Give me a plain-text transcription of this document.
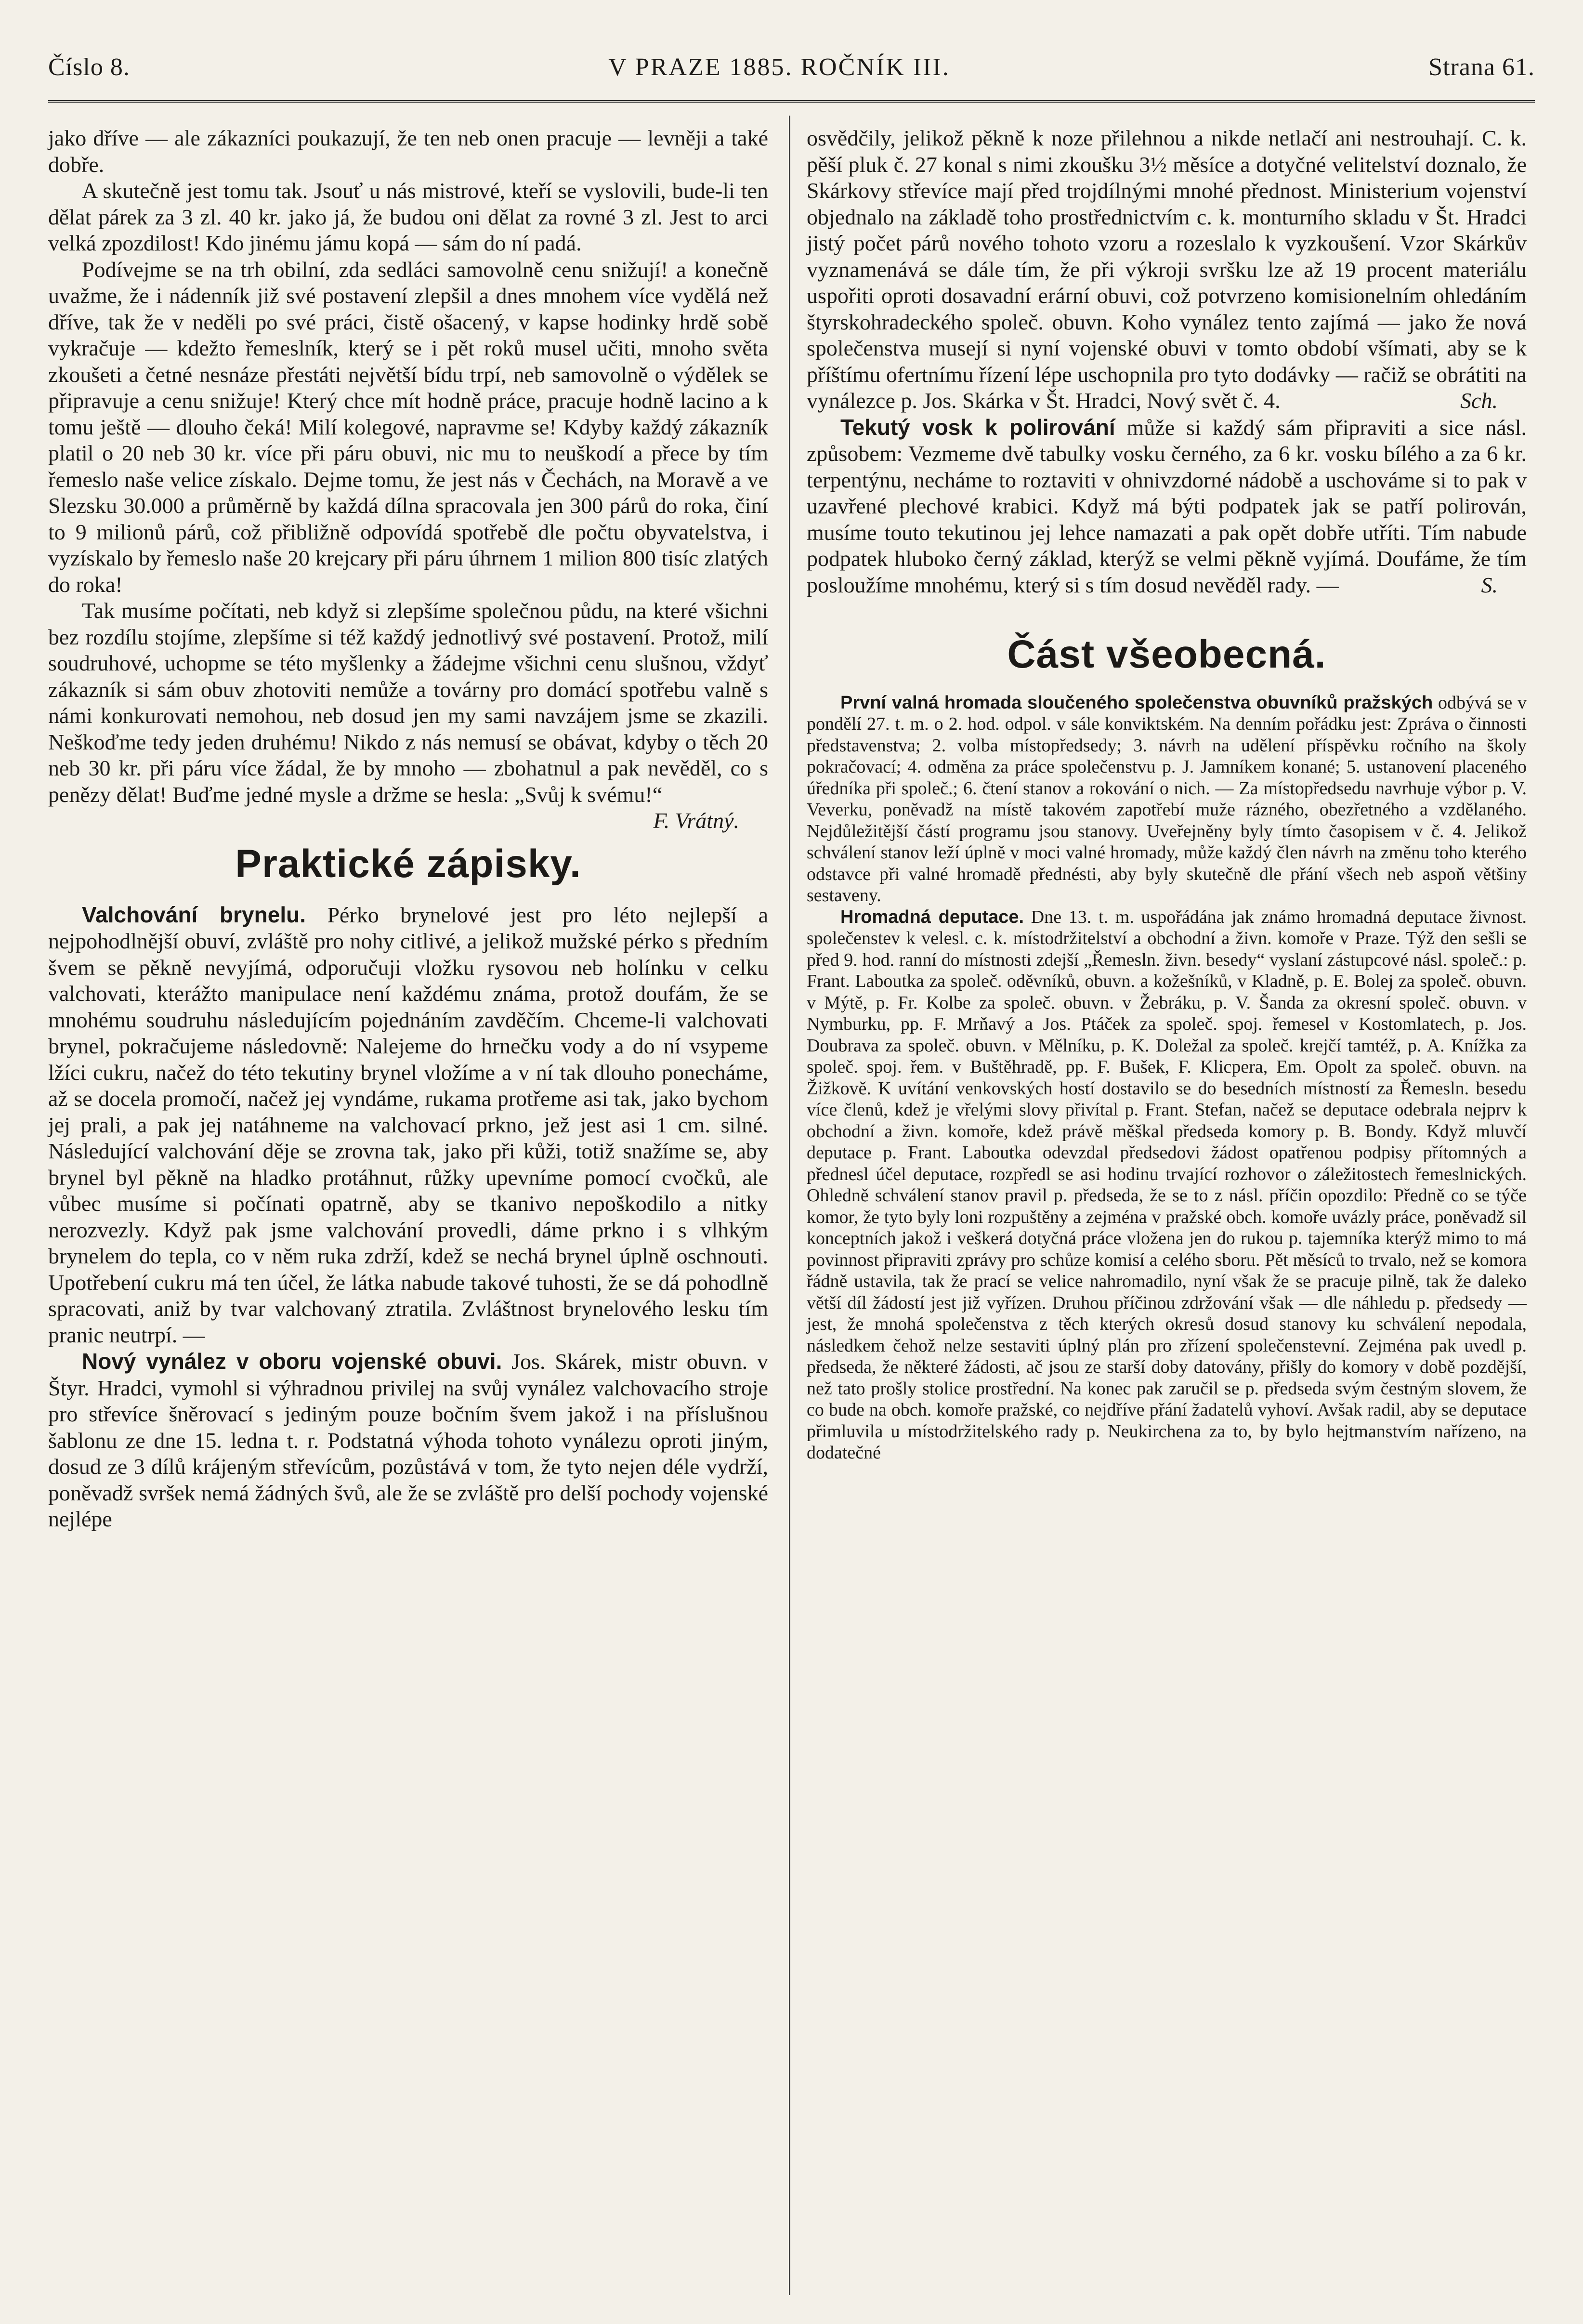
Číslo 8.	V PRAZE 1885. ROČNÍK III.	Strana 61.

jako dříve — ale zákazníci poukazují, že ten neb onen pracuje — levněji a také dobře.

A skutečně jest tomu tak. Jsouť u nás mistrové, kteří se vyslovili, bude-li ten dělat párek za 3 zl. 40 kr. jako já, že budou oni dělat za rovné 3 zl. Jest to arci velká zpozdilost! Kdo jinému jámu kopá — sám do ní padá.

Podívejme se na trh obilní, zda sedláci samovolně cenu snižují! a konečně uvažme, že i nádenník již své postavení zlepšil a dnes mnohem více vydělá než dříve, tak že v neděli po své práci, čistě ošacený, v kapse hodinky hrdě sobě vykračuje — kdežto řemeslník, který se i pět roků musel učiti, mnoho světa zkoušeti a četné nesnáze přestáti největší bídu trpí, neb samovolně o výdělek se připravuje a cenu snižuje! Který chce mít hodně práce, pracuje hodně lacino a k tomu ještě — dlouho čeká! Milí kolegové, napravme se! Kdyby každý zákazník platil o 20 neb 30 kr. více při páru obuvi, nic mu to neuškodí a přece by tím řemeslo naše velice získalo. Dejme tomu, že jest nás v Čechách, na Moravě a ve Slezsku 30.000 a průměrně by každá dílna spracovala jen 300 párů do roka, činí to 9 milionů párů, což přibližně odpovídá spotřebě dle počtu obyvatelstva, i vyzískalo by řemeslo naše 20 krejcary při páru úhrnem 1 milion 800 tisíc zlatých do roka!

Tak musíme počítati, neb když si zlepšíme společnou půdu, na které všichni bez rozdílu stojíme, zlepšíme si též každý jednotlivý své postavení. Protož, milí soudruhové, uchopme se této myšlenky a žádejme všichni cenu slušnou, vždyť zákazník si sám obuv zhotoviti nemůže a továrny pro domácí spotřebu valně s námi konkurovati nemohou, neb dosud jen my sami navzájem jsme se zkazili. Neškoďme tedy jeden druhému! Nikdo z nás nemusí se obávat, kdyby o těch 20 neb 30 kr. při páru více žádal, že by mnoho — zbohatnul a pak nevěděl, co s penězy dělat! Buďme jedné mysle a držme se hesla: „Svůj k svému!“
F. Vrátný.

Praktické zápisky.

Valchování brynelu. Pérko brynelové jest pro léto nejlepší a nejpohodlnější obuví, zvláště pro nohy citlivé, a jelikož mužské pérko s předním švem se pěkně nevyjímá, odporučuji vložku rysovou neb holínku v celku valchovati, kterážto manipulace není každému známa, protož doufám, že se mnohému soudruhu následujícím pojednáním zavděčím. Chceme-li valchovati brynel, pokračujeme následovně: Nalejeme do hrnečku vody a do ní vsypeme lžíci cukru, načež do této tekutiny brynel vložíme a v ní tak dlouho ponecháme, až se docela promočí, načež jej vyndáme, rukama protřeme asi tak, jako bychom jej prali, a pak jej natáhneme na valchovací prkno, jež jest asi 1 cm. silné. Následující valchování děje se zrovna tak, jako při kůži, totiž snažíme se, aby brynel byl pěkně na hladko protáhnut, růžky upevníme pomocí cvočků, ale vůbec musíme si počínati opatrně, aby se tkanivo nepoškodilo a nitky nerozvezly. Když pak jsme valchování provedli, dáme prkno i s vlhkým brynelem do tepla, co v něm ruka zdrží, kdež se nechá brynel úplně oschnouti. Upotřebení cukru má ten účel, že látka nabude takové tuhosti, že se dá pohodlně spracovati, aniž by tvar valchovaný ztratila. Zvláštnost brynelového lesku tím pranic neutrpí. —

Nový vynález v oboru vojenské obuvi. Jos. Skárek, mistr obuvn. v Štyr. Hradci, vymohl si výhradnou privilej na svůj vynález valchovacího stroje pro střevíce šněrovací s jediným pouze bočním švem jakož i na příslušnou šablonu ze dne 15. ledna t. r. Podstatná výhoda tohoto vynálezu oproti jiným, dosud ze 3 dílů krájeným střevícům, pozůstává v tom, že tyto nejen déle vydrží, poněvadž svršek nemá žádných švů, ale že se zvláště pro delší pochody vojenské nejlépe

osvědčily, jelikož pěkně k noze přilehnou a nikde netlačí ani nestrouhají. C. k. pěší pluk č. 27 konal s nimi zkoušku 3½ měsíce a dotyčné velitelství doznalo, že Skárkovy střevíce mají před trojdílnými mnohé přednost. Ministerium vojenství objednalo na základě toho prostřednictvím c. k. monturního skladu v Št. Hradci jistý počet párů nového tohoto vzoru a rozeslalo k vyzkoušení. Vzor Skárkův vyznamenává se dále tím, že při výkroji svršku lze až 19 procent materiálu uspořiti oproti dosavadní erární obuvi, což potvrzeno komisionelním ohledáním štyrskohradeckého společ. obuvn. Koho vynález tento zajímá — jako že nová společenstva musejí si nyní vojenské obuvi v tomto období všímati, aby se k příštímu ofertnímu řízení lépe uschopnila pro tyto dodávky — račiž se obrátiti na vynálezce p. Jos. Skárka v Št. Hradci, Nový svět č. 4.	Sch.

Tekutý vosk k polirování může si každý sám připraviti a sice násl. způsobem: Vezmeme dvě tabulky vosku černého, za 6 kr. vosku bílého a za 6 kr. terpentýnu, necháme to roztaviti v ohnivzdorné nádobě a uschováme si to pak v uzavřené plechové krabici. Když má býti podpatek jak se patří polirován, musíme touto tekutinou jej lehce namazati a pak opět dobře utříti. Tím nabude podpatek hluboko černý základ, kterýž se velmi pěkně vyjímá. Doufáme, že tím posloužíme mnohému, který si s tím dosud nevěděl rady. —	S.

Část všeobecná.

První valná hromada sloučeného společenstva obuvníků pražských odbývá se v pondělí 27. t. m. o 2. hod. odpol. v sále konviktském. Na denním pořádku jest: Zpráva o činnosti představenstva; 2. volba místopředsedy; 3. návrh na udělení příspěvku ročního na školy pokračovací; 4. odměna za práce společenstvu p. J. Jamníkem konané; 5. ustanovení placeného úředníka při společ.; 6. čtení stanov a rokování o nich. — Za místopředsedu navrhuje výbor p. V. Veverku, poněvadž na místě takovém zapotřebí muže rázného, obezřetného a vzdělaného. Nejdůležitější částí programu jsou stanovy. Uveřejněny byly tímto časopisem v č. 4. Jelikož schválení stanov leží úplně v moci valné hromady, může každý člen návrh na změnu toho kterého odstavce při valné hromadě přednésti, aby byly skutečně dle přání všech neb aspoň většiny sestaveny.

Hromadná deputace. Dne 13. t. m. uspořádána jak známo hromadná deputace živnost. společenstev k velesl. c. k. místodržitelství a obchodní a živn. komoře v Praze. Týž den sešli se před 9. hod. ranní do místnosti zdejší „Řemesln. živn. besedy“ vyslaní zástupcové násl. společ.: p. Frant. Laboutka za společ. oděvníků, obuvn. a kožešníků, v Kladně, p. E. Bolej za společ. obuvn. v Mýtě, p. Fr. Kolbe za společ. obuvn. v Žebráku, p. V. Šanda za okresní společ. obuvn. v Nymburku, pp. F. Mrňavý a Jos. Ptáček za společ. spoj. řemesel v Kostomlatech, p. Jos. Doubrava za společ. obuvn. v Mělníku, p. K. Doležal za společ. krejčí tamtéž, p. A. Knížka za společ. spoj. řem. v Buštěhradě, pp. F. Bušek, F. Klicpera, Em. Opolt za společ. obuvn. na Žižkově. K uvítání venkovských hostí dostavilo se do besedních místností za Řemesln. besedu více členů, kdež je vřelými slovy přivítal p. Frant. Stefan, načež se deputace odebrala nejprv k obchodní a živn. komoře, kdež právě měškal předseda komory p. B. Bondy. Když mluvčí deputace p. Frant. Laboutka odevzdal předsedovi žádost opatřenou podpisy přítomných a přednesl účel deputace, rozpředl se asi hodinu trvající rozhovor o záležitostech řemeslnických. Ohledně schválení stanov pravil p. předseda, že se to z násl. příčin opozdilo: Předně co se týče komor, že tyto byly loni rozpuštěny a zejména v pražské obch. komoře uvázly práce, poněvadž sil konceptních jakož i veškerá dotyčná práce vložena jen do rukou p. tajemníka kterýž mimo to má povinnost připraviti zprávy pro schůze komisí a celého sboru. Pět měsíců to trvalo, než se komora řádně ustavila, tak že prací se velice nahromadilo, nyní však že se pracuje pilně, tak že daleko větší díl žádostí jest již vyřízen. Druhou příčinou zdržování však — dle náhledu p. předsedy — jest, že mnohá společenstva z těch kterých okresů dosud stanovy ku schválení nepodala, následkem čehož nelze sestaviti úplný plán pro zřízení společenstevní. Zejména pak uvedl p. předseda, že některé žádosti, ač jsou ze starší doby datovány, přišly do komory v době pozdější, než tato prošly stolice prostřední. Na konec pak zaručil se p. předseda svým čestným slovem, že co bude na obch. komoře pražské, co nejdříve přání žadatelů vyhoví. Avšak radil, aby se deputace přimluvila u místodržitelského rady p. Neukirchena za to, by bylo hejtmanstvím nařízeno, na dodatečné
